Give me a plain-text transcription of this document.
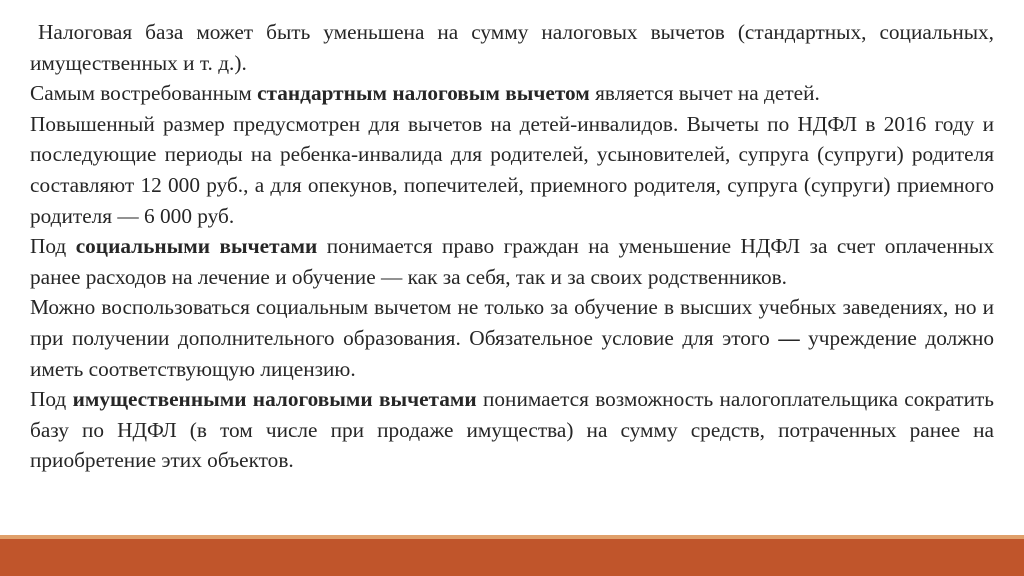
Налоговая база может быть уменьшена на сумму налоговых вычетов (стандартных, социальных, имущественных и т. д.).

Самым востребованным стандартным налоговым вычетом является вычет на детей.

Повышенный размер предусмотрен для вычетов на детей-инвалидов. Вычеты по НДФЛ в 2016 году и последующие периоды на ребенка-инвалида для родителей, усыновителей, супруга (супруги) родителя составляют 12 000 руб., а для опекунов, попечителей, приемного родителя, супруга (супруги) приемного родителя — 6 000 руб.

Под социальными вычетами понимается право граждан на уменьшение НДФЛ за счет оплаченных ранее расходов на лечение и обучение — как за себя, так и за своих родственников.

Можно воспользоваться социальным вычетом не только за обучение в высших учебных заведениях, но и при получении дополнительного образования. Обязательное условие для этого — учреждение должно иметь соответствующую лицензию.

Под имущественными налоговыми вычетами понимается возможность налогоплательщика сократить базу по НДФЛ (в том числе при продаже имущества) на сумму средств, потраченных ранее на приобретение этих объектов.
